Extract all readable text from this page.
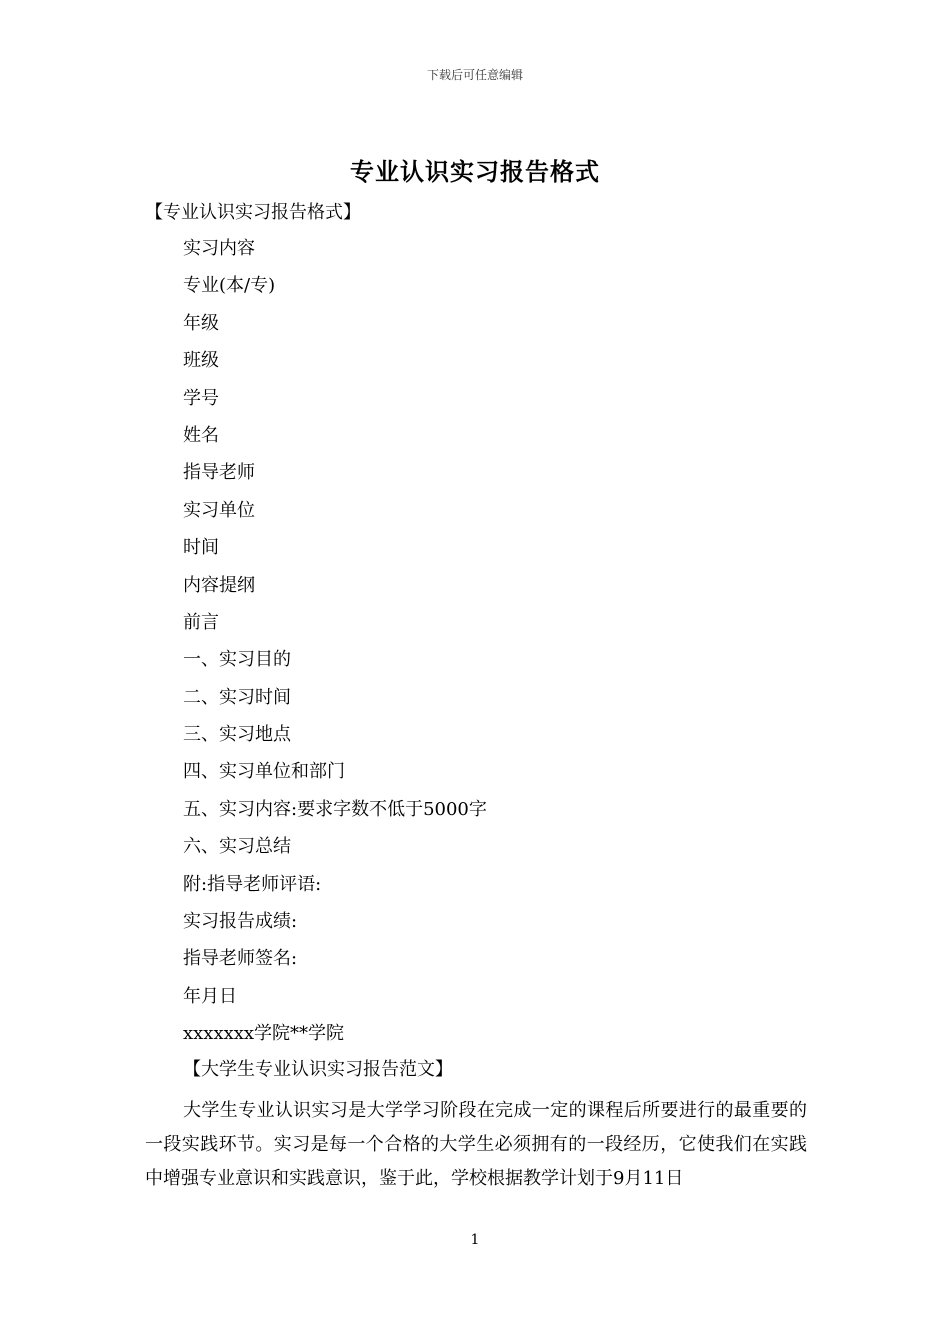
下载后可任意编辑
专业认识实习报告格式
【专业认识实习报告格式】
实习内容
专业(本/专)
年级
班级
学号
姓名
指导老师
实习单位
时间
内容提纲
前言
一、实习目的
二、实习时间
三、实习地点
四、实习单位和部门
五、实习内容:要求字数不低于5000字
六、实习总结
附:指导老师评语:
实习报告成绩:
指导老师签名:
年月日
xxxxxxx学院**学院
【大学生专业认识实习报告范文】

大学生专业认识实习是大学学习阶段在完成一定的课程后所要进行的最重要的一段实践环节。实习是每一个合格的大学生必须拥有的一段经历，它使我们在实践中增强专业意识和实践意识，鉴于此，学校根据教学计划于9月11日

1
